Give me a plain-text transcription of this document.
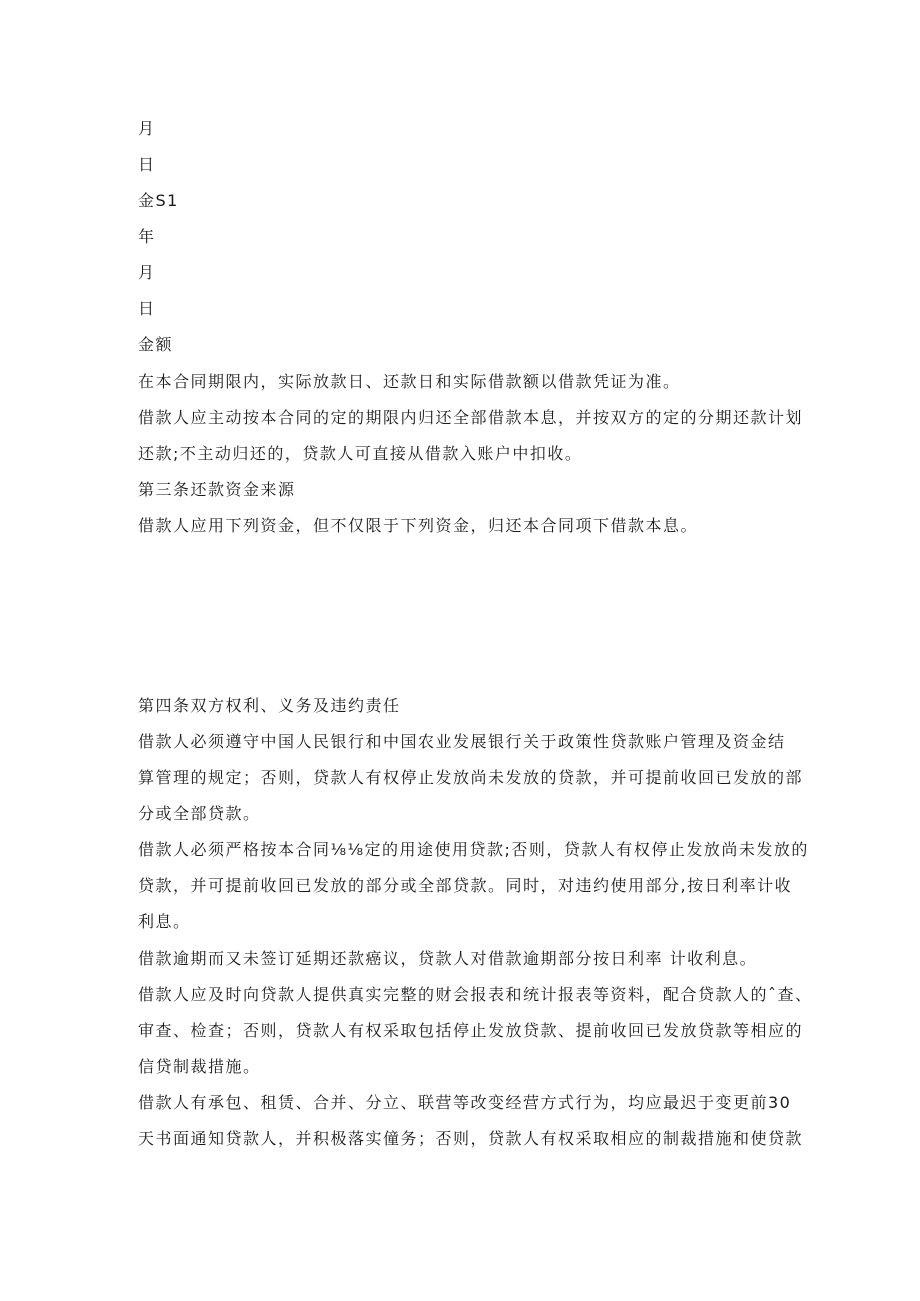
月
日
金S1
年
月
日
金额
在本合同期限内，实际放款日、还款日和实际借款额以借款凭证为准。
借款人应主动按本合同的定的期限内归还全部借款本息，并按双方的定的分期还款计划
还款;不主动归还的，贷款人可直接从借款入账户中扣收。
第三条还款资金来源
借款人应用下列资金，但不仅限于下列资金，归还本合同项下借款本息。
第四条双方权利、义务及违约责任
借款人必须遵守中国人民银行和中国农业发展银行关于政策性贷款账户管理及资金结
算管理的规定；否则，贷款人有权停止发放尚未发放的贷款，并可提前收回已发放的部
分或全部贷款。
借款人必须严格按本合同⅛⅛定的用途使用贷款;否则，贷款人有权停止发放尚未发放的
贷款，并可提前收回已发放的部分或全部贷款。同时，对违约使用部分,按日利率计收
利息。
借款逾期而又未签订延期还款癌议，贷款人对借款逾期部分按日利率 计收利息。
借款人应及时向贷款人提供真实完整的财会报表和统计报表等资料，配合贷款人的ˆ查、
审查、检查；否则，贷款人有权采取包括停止发放贷款、提前收回已发放贷款等相应的
信贷制裁措施。
借款人有承包、租赁、合并、分立、联营等改变经营方式行为，均应最迟于变更前30
天书面通知贷款人，并积极落实僮务；否则，贷款人有权采取相应的制裁措施和使贷款
